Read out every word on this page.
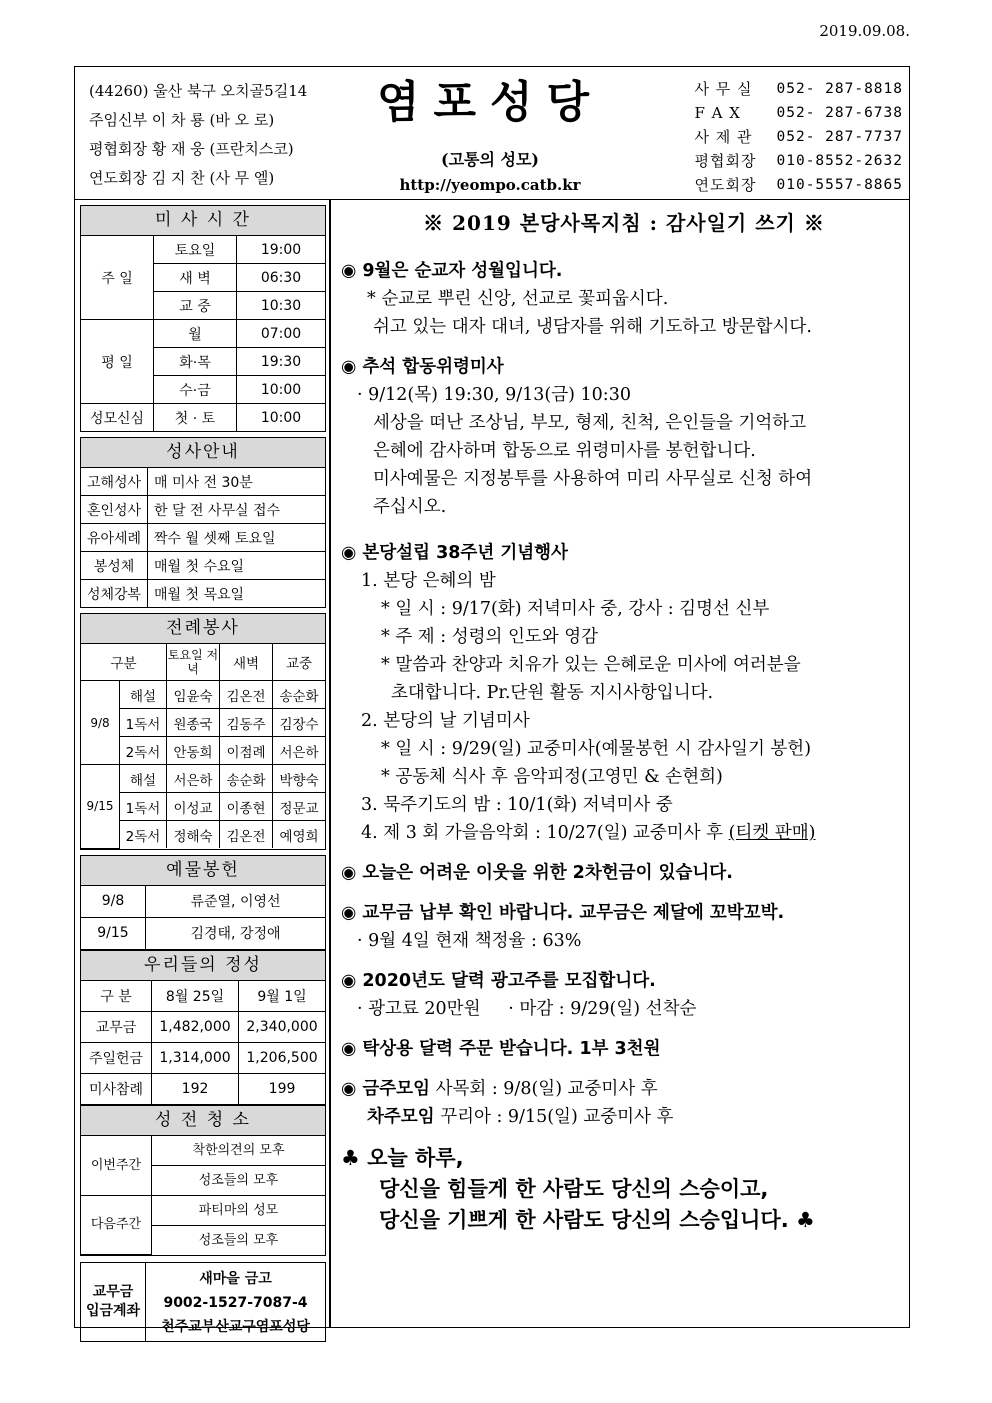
2019.09.08.
(44260) 울산 북구 오치골5길14
주임신부 이 차 룡 (바 오 로)
평협회장 황 재 웅 (프란치스코)
연도회장 김 지 찬 (사 무 엘)
염포성당
(고통의 성모)
http://yeompo.catb.kr
사 무 실	052- 287-8818
F A X	052- 287-6738
사 제 관	052- 287-7737
평협회장	010-8552-2632
연도회장	010-5557-8865
미 사 시 간
주 일	토요일	19:00
	새 벽	06:30
	교 중	10:30
평 일	월	07:00
	화·목	19:30
	수·금	10:00
성모신심	첫 · 토	10:00
성사안내
고해성사	매 미사 전 30분
혼인성사	한 달 전 사무실 접수
유아세례	짝수 월 셋째 토요일
봉성체	매월 첫 수요일
성체강복	매월 첫 목요일
전례봉사
구분		토요일 저녁	새벽	교중
9/8	해설	임윤숙	김온전	송순화
	1독서	원종국	김동주	김장수
	2독서	안동희	이점례	서은하
9/15	해설	서은하	송순화	박향숙
	1독서	이성교	이종현	정문교
	2독서	정해숙	김온전	예영희
예물봉헌
9/8	류준열, 이영선
9/15	김경태, 강정애
우리들의 정성
구 분	8월 25일	9월 1일
교무금	1,482,000	2,340,000
주일헌금	1,314,000	1,206,500
미사참례	192	199
성 전 청 소
이번주간	착한의견의 모후
	성조들의 모후
다음주간	파티마의 성모
	성조들의 모후
교무금
입금계좌
새마을 금고
9002-1527-7087-4
천주교부산교구염포성당
※ 2019 본당사목지침 : 감사일기 쓰기 ※
◉ 9월은 순교자 성월입니다.
* 순교로 뿌린 신앙, 선교로 꽃피웁시다.
쉬고 있는 대자 대녀, 냉담자를 위해 기도하고 방문합시다.
◉ 추석 합동위령미사
· 9/12(목) 19:30, 9/13(금) 10:30
세상을 떠난 조상님, 부모, 형제, 친척, 은인들을 기억하고
은혜에 감사하며 합동으로 위령미사를 봉헌합니다.
미사예물은 지정봉투를 사용하여 미리 사무실로 신청 하여
주십시오.
◉ 본당설립 38주년 기념행사
1. 본당 은혜의 밤
* 일 시 : 9/17(화) 저녁미사 중, 강사 : 김명선 신부
* 주 제 : 성령의 인도와 영감
* 말씀과 찬양과 치유가 있는 은혜로운 미사에 여러분을
초대합니다. Pr.단원 활동 지시사항입니다.
2. 본당의 날 기념미사
* 일 시 : 9/29(일) 교중미사(예물봉헌 시 감사일기 봉헌)
* 공동체 식사 후 음악피정(고영민 & 손현희)
3. 묵주기도의 밤 : 10/1(화) 저녁미사 중
4. 제 3 회 가을음악회 : 10/27(일) 교중미사 후 (티켓 판매)
◉ 오늘은 어려운 이웃을 위한 2차헌금이 있습니다.
◉ 교무금 납부 확인 바랍니다. 교무금은 제달에 꼬박꼬박.
· 9월 4일 현재 책정율 : 63%
◉ 2020년도 달력 광고주를 모집합니다.
· 광고료 20만원     · 마감 : 9/29(일) 선착순
◉ 탁상용 달력 주문 받습니다. 1부 3천원
◉ 금주모임 사목회 : 9/8(일) 교중미사 후
차주모임 꾸리아 : 9/15(일) 교중미사 후
♣ 오늘 하루,
당신을 힘들게 한 사람도 당신의 스승이고,
당신을 기쁘게 한 사람도 당신의 스승입니다. ♣
